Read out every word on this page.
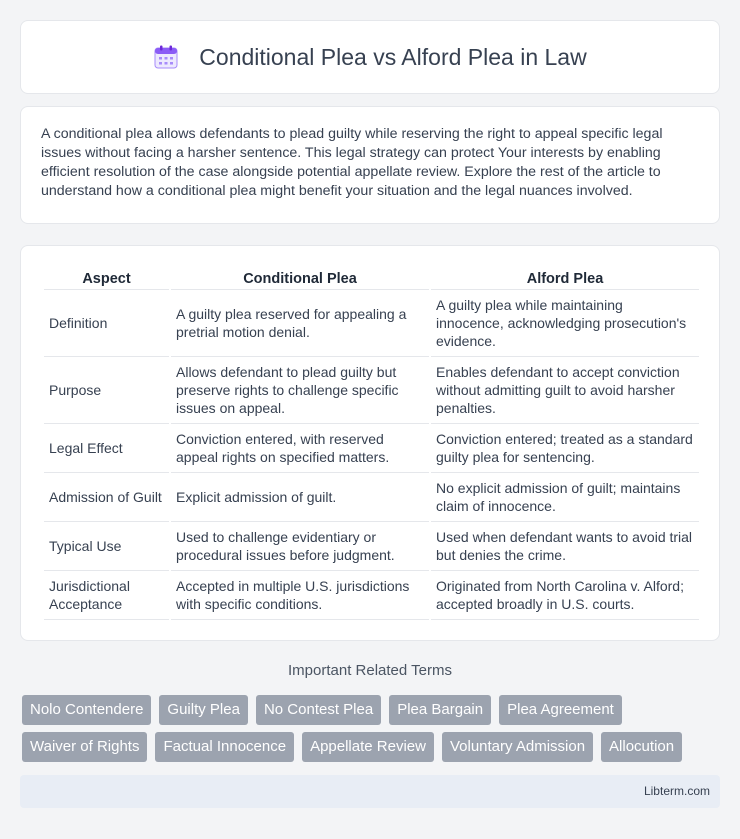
Conditional Plea vs Alford Plea in Law

A conditional plea allows defendants to plead guilty while reserving the right to appeal specific legal issues without facing a harsher sentence. This legal strategy can protect Your interests by enabling efficient resolution of the case alongside potential appellate review. Explore the rest of the article to understand how a conditional plea might benefit your situation and the legal nuances involved.

Aspect	Conditional Plea	Alford Plea
Definition	A guilty plea reserved for appealing a pretrial motion denial.	A guilty plea while maintaining innocence, acknowledging prosecution's evidence.
Purpose	Allows defendant to plead guilty but preserve rights to challenge specific issues on appeal.	Enables defendant to accept conviction without admitting guilt to avoid harsher penalties.
Legal Effect	Conviction entered, with reserved appeal rights on specified matters.	Conviction entered; treated as a standard guilty plea for sentencing.
Admission of Guilt	Explicit admission of guilt.	No explicit admission of guilt; maintains claim of innocence.
Typical Use	Used to challenge evidentiary or procedural issues before judgment.	Used when defendant wants to avoid trial but denies the crime.
Jurisdictional Acceptance	Accepted in multiple U.S. jurisdictions with specific conditions.	Originated from North Carolina v. Alford; accepted broadly in U.S. courts.
Important Related Terms
Nolo Contendere	Guilty Plea	No Contest Plea	Plea Bargain	Plea Agreement
Waiver of Rights	Factual Innocence	Appellate Review	Voluntary Admission	Allocution
Libterm.com
